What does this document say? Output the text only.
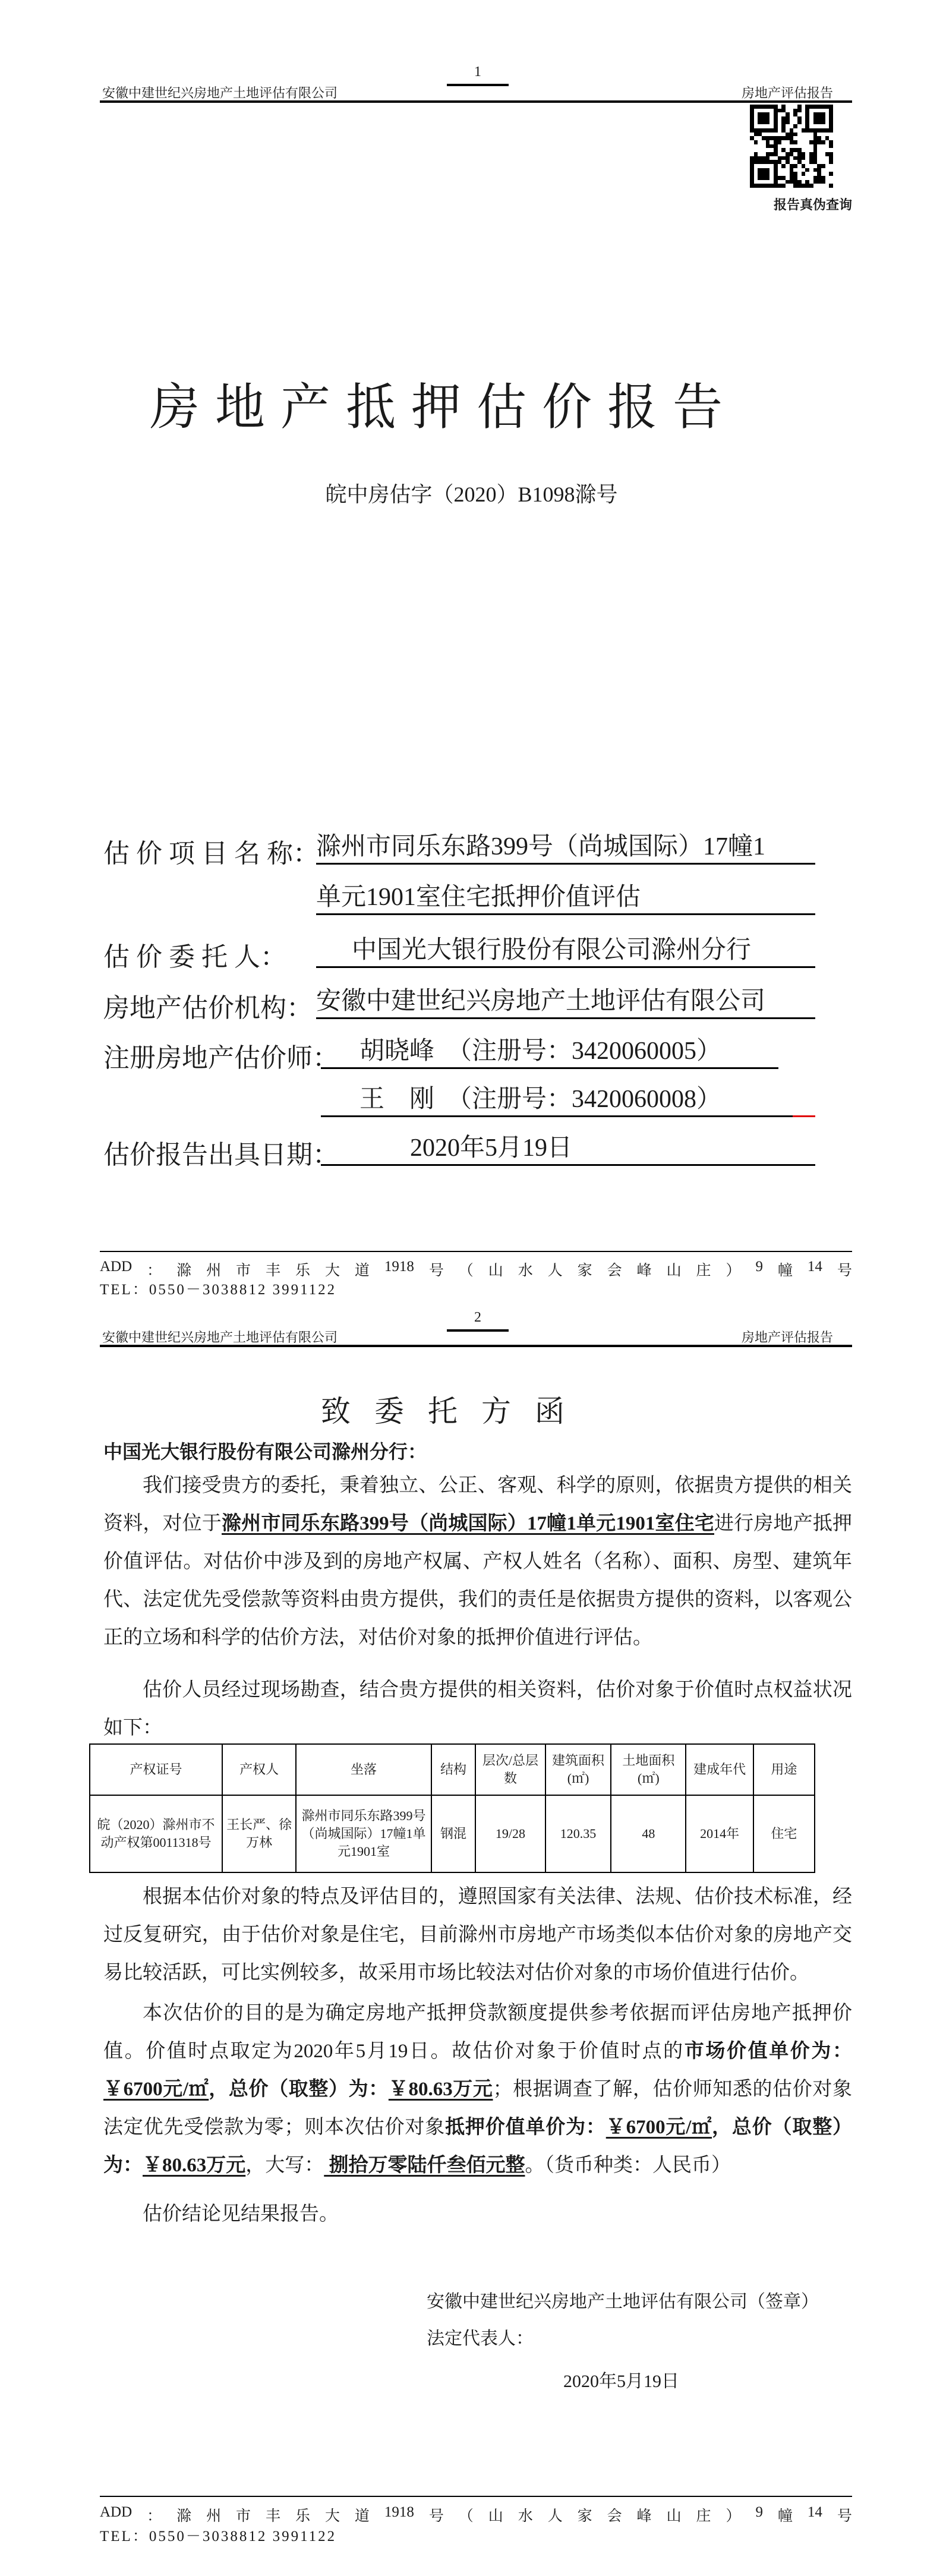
1
安徽中建世纪兴房地产土地评估有限公司	房地产评估报告
报告真伪查询
房地产抵押估价报告
皖中房估字（2020）B1098滁号
估 价 项 目 名 称：
滁州市同乐东路399号（尚城国际）17幢1
单元1901室住宅抵押价值评估
估 价 委 托 人：	中国光大银行股份有限公司滁州分行
房地产估价机构： 安徽中建世纪兴房地产土地评估有限公司
注册房地产估价师： 胡晓峰　（注册号：3420060005）
王　刚　（注册号：3420060008）
估价报告出具日期：	2020年5月19日
ADD ： 滁 州 市 丰 乐 大 道 1918 号 （ 山 水 人 家 会 峰 山 庄 ） 9 幢 14 号
TEL：0550－3038812 3991122
2
安徽中建世纪兴房地产土地评估有限公司	房地产评估报告
致委托方函
中国光大银行股份有限公司滁州分行：
我们接受贵方的委托，秉着独立、公正、客观、科学的原则，依据贵方提供的相关资料，对位于滁州市同乐东路399号（尚城国际）17幢1单元1901室住宅进行房地产抵押价值评估。对估价中涉及到的房地产权属、产权人姓名（名称）、面积、房型、建筑年代、法定优先受偿款等资料由贵方提供，我们的责任是依据贵方提供的资料，以客观公正的立场和科学的估价方法，对估价对象的抵押价值进行评估。
估价人员经过现场勘查，结合贵方提供的相关资料，估价对象于价值时点权益状况如下：
产权证号	产权人	坐落	结构	层次/总层数	建筑面积(㎡)	土地面积(㎡)	建成年代	用途
皖（2020）滁州市不动产权第0011318号	王长严、徐万林	滁州市同乐东路399号（尚城国际）17幢1单元1901室	钢混	19/28	120.35	48	2014年	住宅
根据本估价对象的特点及评估目的，遵照国家有关法律、法规、估价技术标准，经过反复研究，由于估价对象是住宅，目前滁州市房地产市场类似本估价对象的房地产交易比较活跃，可比实例较多，故采用市场比较法对估价对象的市场价值进行估价。
本次估价的目的是为确定房地产抵押贷款额度提供参考依据而评估房地产抵押价值。价值时点取定为2020年5月19日。故估价对象于价值时点的市场价值单价为：￥6700元/㎡，总价（取整）为：￥80.63万元；根据调查了解，估价师知悉的估价对象法定优先受偿款为零；则本次估价对象抵押价值单价为：￥6700元/㎡，总价（取整）为：￥80.63万元，大写： 捌拾万零陆仟叁佰元整。（货币种类：人民币）
估价结论见结果报告。
安徽中建世纪兴房地产土地评估有限公司（签章）
法定代表人：
2020年5月19日
ADD ： 滁 州 市 丰 乐 大 道 1918 号 （ 山 水 人 家 会 峰 山 庄 ） 9 幢 14 号
TEL：0550－3038812 3991122
